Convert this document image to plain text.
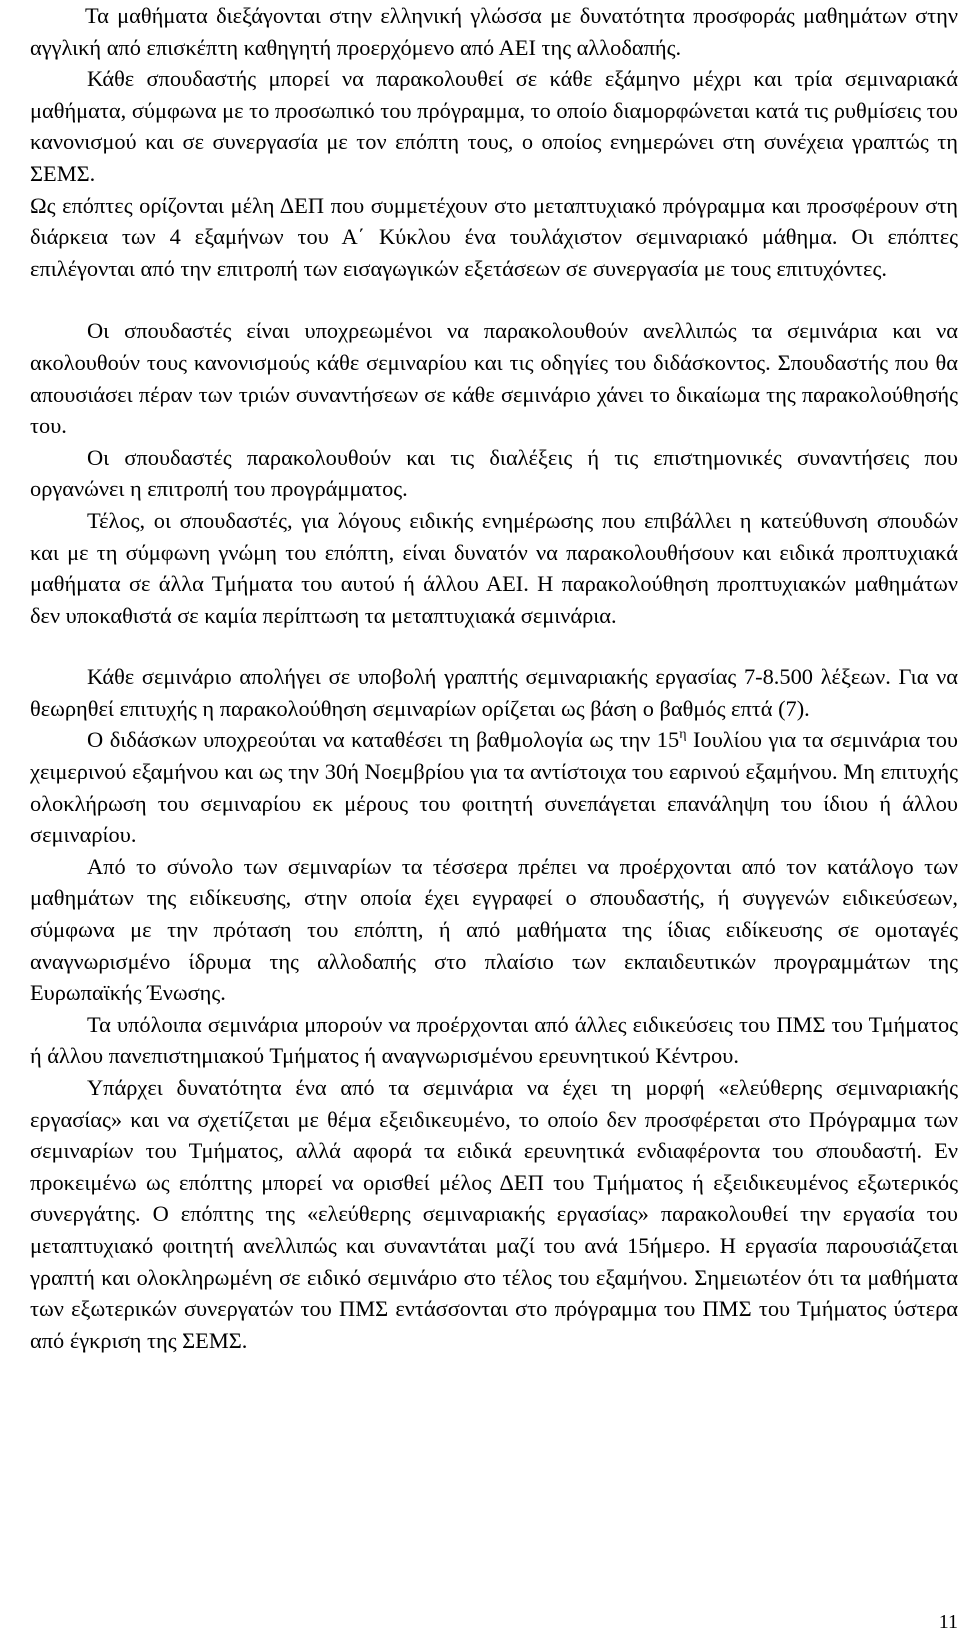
Τα μαθήματα διεξάγονται στην ελληνική γλώσσα με δυνατότητα προσφοράς μαθημάτων στην αγγλική από επισκέπτη καθηγητή προερχόμενο από ΑΕΙ της αλλοδαπής.

Κάθε σπουδαστής μπορεί να παρακολουθεί σε κάθε εξάμηνο μέχρι και τρία σεμιναριακά μαθήματα, σύμφωνα με το προσωπικό του πρόγραμμα, το οποίο διαμορφώνεται κατά τις ρυθμίσεις του κανονισμού και σε συνεργασία με τον επόπτη τους, ο οποίος ενημερώνει στη συνέχεια γραπτώς τη ΣΕΜΣ.

Ως επόπτες ορίζονται μέλη ΔΕΠ που συμμετέχουν στο μεταπτυχιακό πρόγραμμα και προσφέρουν στη διάρκεια των 4 εξαμήνων του Α΄ Κύκλου ένα τουλάχιστον σεμιναριακό μάθημα. Οι επόπτες επιλέγονται από την επιτροπή των εισαγωγικών εξετάσεων σε συνεργασία με τους επιτυχόντες.

Οι σπουδαστές είναι υποχρεωμένοι να παρακολουθούν ανελλιπώς τα σεμινάρια και να ακολουθούν τους κανονισμούς κάθε σεμιναρίου και τις οδηγίες του διδάσκοντος. Σπουδαστής που θα απουσιάσει πέραν των τριών συναντήσεων σε κάθε σεμινάριο χάνει το δικαίωμα της παρακολούθησής του.

Οι σπουδαστές παρακολουθούν και τις διαλέξεις ή τις επιστημονικές συναντήσεις που οργανώνει η επιτροπή του προγράμματος.

Τέλος, οι σπουδαστές, για λόγους ειδικής ενημέρωσης που επιβάλλει η κατεύθυνση σπουδών και με τη σύμφωνη γνώμη του επόπτη, είναι δυνατόν να παρακολουθήσουν και ειδικά προπτυχιακά μαθήματα σε άλλα Τμήματα του αυτού ή άλλου ΑΕΙ. Η παρακολούθηση προπτυχιακών μαθημάτων δεν υποκαθιστά σε καμία περίπτωση τα μεταπτυχιακά σεμινάρια.

Κάθε σεμινάριο απολήγει σε υποβολή γραπτής σεμιναριακής εργασίας 7-8.500 λέξεων. Για να θεωρηθεί επιτυχής η παρακολούθηση σεμιναρίων ορίζεται ως βάση ο βαθμός επτά (7).

Ο διδάσκων υποχρεούται να καταθέσει τη βαθμολογία ως την $15^\eta$ Ιουλίου για τα σεμινάρια του χειμερινού εξαμήνου και ως την 30ή Νοεμβρίου για τα αντίστοιχα του εαρινού εξαμήνου. Μη επιτυχής ολοκλήρωση του σεμιναρίου εκ μέρους του φοιτητή συνεπάγεται επανάληψη του ίδιου ή άλλου σεμιναρίου.

Από το σύνολο των σεμιναρίων τα τέσσερα πρέπει να προέρχονται από τον κατάλογο των μαθημάτων της ειδίκευσης, στην οποία έχει εγγραφεί ο σπουδαστής, ή συγγενών ειδικεύσεων, σύμφωνα με την πρόταση του επόπτη, ή από μαθήματα της ίδιας ειδίκευσης σε ομοταγές αναγνωρισμένο ίδρυμα της αλλοδαπής στο πλαίσιο των εκπαιδευτικών προγραμμάτων της Ευρωπαϊκής Ένωσης.

Τα υπόλοιπα σεμινάρια μπορούν να προέρχονται από άλλες ειδικεύσεις του ΠΜΣ του Τμήματος ή άλλου πανεπιστημιακού Τμήματος ή αναγνωρισμένου ερευνητικού Κέντρου.

Υπάρχει δυνατότητα ένα από τα σεμινάρια να έχει τη μορφή «ελεύθερης σεμιναριακής εργασίας» και να σχετίζεται με θέμα εξειδικευμένο, το οποίο δεν προσφέρεται στο Πρόγραμμα των σεμιναρίων του Τμήματος, αλλά αφορά τα ειδικά ερευνητικά ενδιαφέροντα του σπουδαστή. Εν προκειμένω ως επόπτης μπορεί να ορισθεί μέλος ΔΕΠ του Τμήματος ή εξειδικευμένος εξωτερικός συνεργάτης. Ο επόπτης της «ελεύθερης σεμιναριακής εργασίας» παρακολουθεί την εργασία του μεταπτυχιακό φοιτητή ανελλιπώς και συναντάται μαζί του ανά 15ήμερο. Η εργασία παρουσιάζεται γραπτή και ολοκληρωμένη σε ειδικό σεμινάριο στο τέλος του εξαμήνου. Σημειωτέον ότι τα μαθήματα των εξωτερικών συνεργατών του ΠΜΣ εντάσσονται στο πρόγραμμα του ΠΜΣ του Τμήματος ύστερα από έγκριση της ΣΕΜΣ.

11
